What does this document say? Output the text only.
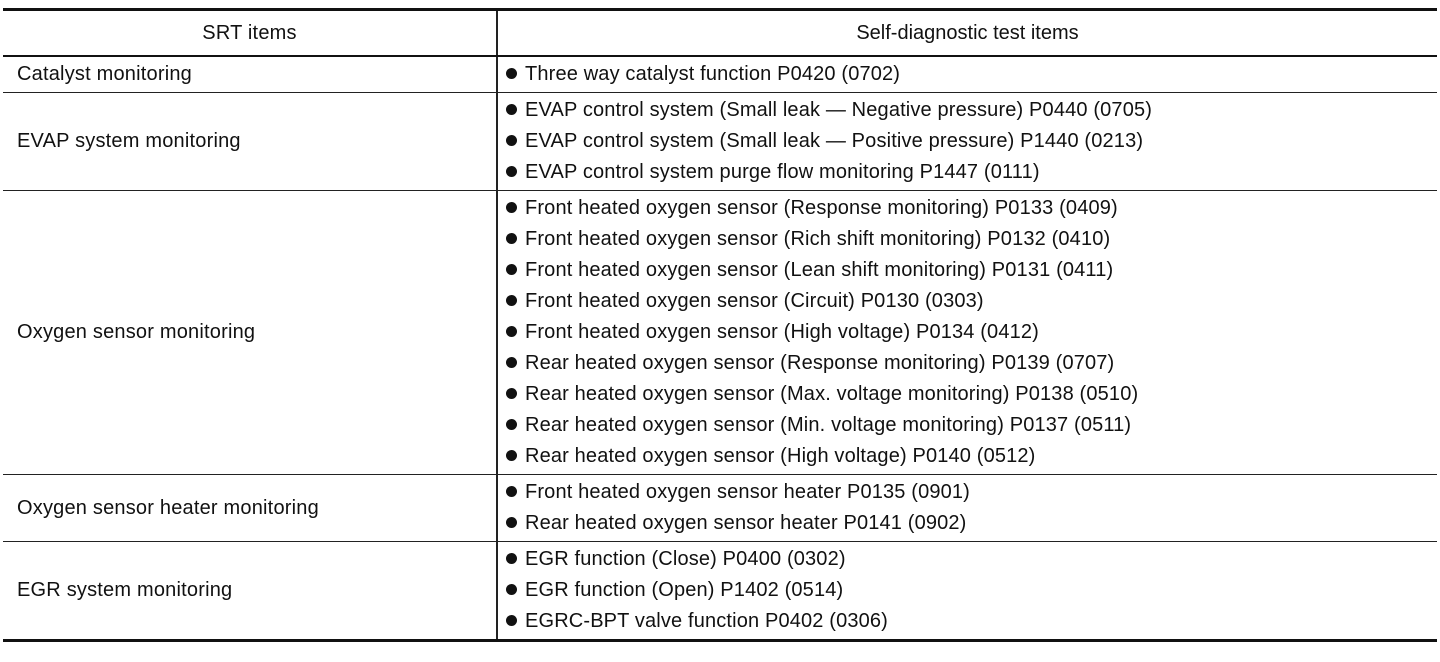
SRT items	Self-diagnostic test items
Catalyst monitoring	Three way catalyst function P0420 (0702)
EVAP system monitoring
EVAP control system (Small leak — Negative pressure) P0440 (0705)
EVAP control system (Small leak — Positive pressure) P1440 (0213)
EVAP control system purge flow monitoring P1447 (0111)
Oxygen sensor monitoring
Front heated oxygen sensor (Response monitoring) P0133 (0409)
Front heated oxygen sensor (Rich shift monitoring) P0132 (0410)
Front heated oxygen sensor (Lean shift monitoring) P0131 (0411)
Front heated oxygen sensor (Circuit) P0130 (0303)
Front heated oxygen sensor (High voltage) P0134 (0412)
Rear heated oxygen sensor (Response monitoring) P0139 (0707)
Rear heated oxygen sensor (Max. voltage monitoring) P0138 (0510)
Rear heated oxygen sensor (Min. voltage monitoring) P0137 (0511)
Rear heated oxygen sensor (High voltage) P0140 (0512)
Oxygen sensor heater monitoring
Front heated oxygen sensor heater P0135 (0901)
Rear heated oxygen sensor heater P0141 (0902)
EGR system monitoring
EGR function (Close) P0400 (0302)
EGR function (Open) P1402 (0514)
EGRC-BPT valve function P0402 (0306)
